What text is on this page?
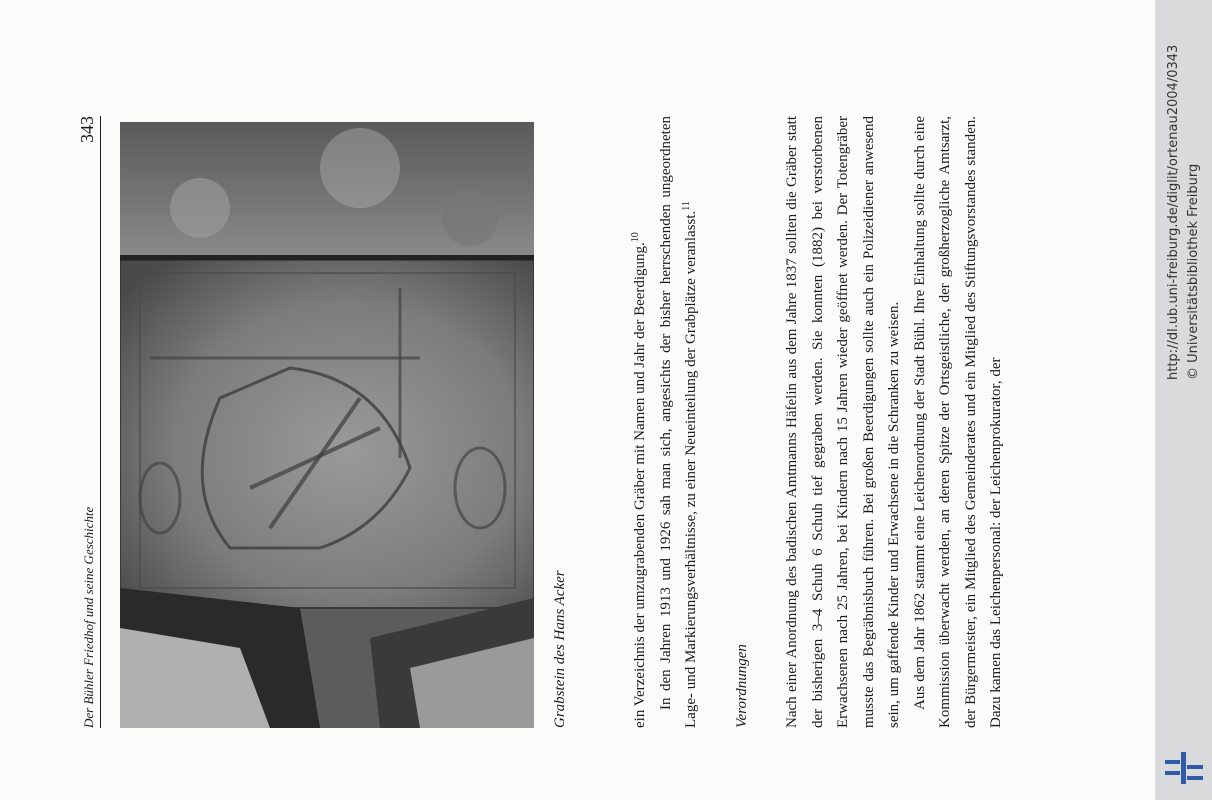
Der Bühler Friedhof und seine Geschichte
343
Grabstein des Hans Acker	ein Verzeichnis der umzugrabenden Gräber mit Namen und Jahr der Beerdigung.$^{10}$	In den Jahren 1913 und 1926 sah man sich, angesichts der bisher herrschenden ungeordneten Lage- und Markierungsverhältnisse, zu einer Neueinteilung der Grabplätze veranlasst.$^{11}$

Verordnungen	Nach einer Anordnung des badischen Amtmanns Häfelin aus dem Jahre 1837 sollten die Gräber statt der bisherigen 3–4 Schuh 6 Schuh tief gegraben werden. Sie konnten (1882) bei verstorbenen Erwachsenen nach 25 Jahren, bei Kindern nach 15 Jahren wieder geöffnet werden. Der Totengräber musste das Begräbnisbuch führen. Bei großen Beerdigungen sollte auch ein Polizeidiener anwesend sein, um gaffende Kinder und Erwachsene in die Schranken zu weisen. Aus dem Jahr 1862 stammt eine Leichenordnung der Stadt Bühl. Ihre Einhaltung sollte durch eine Kommission überwacht werden, an deren Spitze der Ortsgeistliche, der großherzogliche Amtsarzt, der Bürgermeister, ein Mitglied des Gemeinderates und ein Mitglied des Stiftungsvorstandes standen. Dazu kamen das Leichenpersonal: der Leichenprokurator, der

http://dl.ub.uni-freiburg.de/diglit/ortenau2004/0343 © Universitätsbibliothek Freiburg
